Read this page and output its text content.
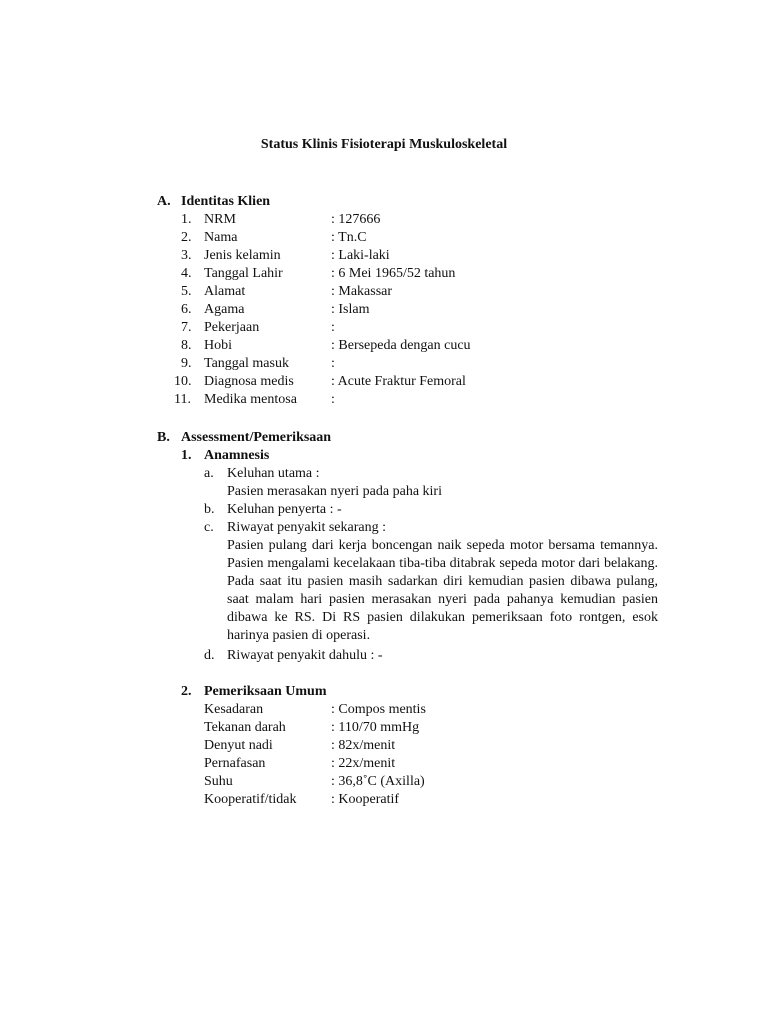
Status Klinis Fisioterapi Muskuloskeletal
A. Identitas Klien
1. NRM	: 127666
2. Nama	: Tn.C
3. Jenis kelamin	: Laki-laki
4. Tanggal Lahir	: 6 Mei 1965/52 tahun
5. Alamat	: Makassar
6. Agama	: Islam
7. Pekerjaan	:
8. Hobi	: Bersepeda dengan cucu
9. Tanggal masuk	:
10. Diagnosa medis	: Acute Fraktur Femoral
11. Medika mentosa :
B. Assessment/Pemeriksaan
1. Anamnesis
a. Keluhan utama :
Pasien merasakan nyeri pada paha kiri
b. Keluhan penyerta : -
c. Riwayat penyakit sekarang :
Pasien pulang dari kerja boncengan naik sepeda motor bersama temannya. Pasien mengalami kecelakaan tiba-tiba ditabrak sepeda motor dari belakang. Pada saat itu pasien masih sadarkan diri kemudian pasien dibawa pulang, saat malam hari pasien merasakan nyeri pada pahanya kemudian pasien dibawa ke RS. Di RS pasien dilakukan pemeriksaan foto rontgen, esok harinya pasien di operasi.
d. Riwayat penyakit dahulu : -
2. Pemeriksaan Umum
Kesadaran	: Compos mentis
Tekanan darah	: 110/70 mmHg
Denyut nadi	: 82x/menit
Pernafasan	: 22x/menit
Suhu	: 36,8˚C (Axilla)
Kooperatif/tidak : Kooperatif
